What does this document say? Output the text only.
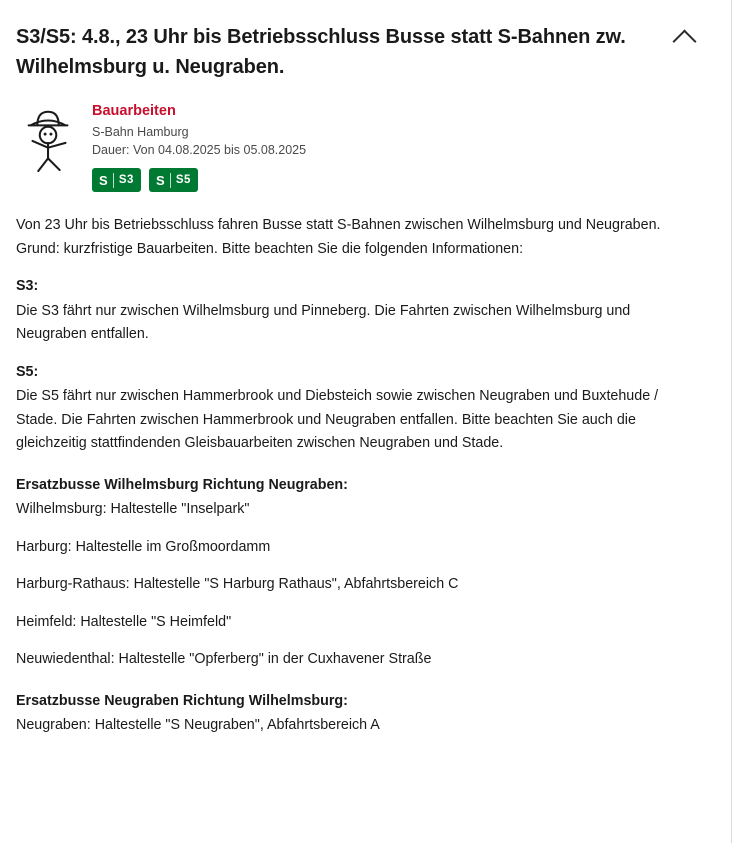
S3/S5: 4.8., 23 Uhr bis Betriebsschluss Busse statt S-Bahnen zw. Wilhelmsburg u. Neugraben.
Bauarbeiten
S-Bahn Hamburg
Dauer: Von 04.08.2025 bis 05.08.2025
S S3 S S5

Von 23 Uhr bis Betriebsschluss fahren Busse statt S-Bahnen zwischen Wilhelmsburg und Neugraben. Grund: kurzfristige Bauarbeiten. Bitte beachten Sie die folgenden Informationen:

S3:

Die S3 fährt nur zwischen Wilhelmsburg und Pinneberg. Die Fahrten zwischen Wilhelmsburg und Neugraben entfallen.

S5:

Die S5 fährt nur zwischen Hammerbrook und Diebsteich sowie zwischen Neugraben und Buxtehude / Stade. Die Fahrten zwischen Hammerbrook und Neugraben entfallen. Bitte beachten Sie auch die gleichzeitig stattfindenden Gleisbauarbeiten zwischen Neugraben und Stade.

Ersatzbusse Wilhelmsburg Richtung Neugraben:

Wilhelmsburg: Haltestelle "Inselpark"

Harburg: Haltestelle im Großmoordamm

Harburg-Rathaus: Haltestelle "S Harburg Rathaus", Abfahrtsbereich C

Heimfeld: Haltestelle "S Heimfeld"

Neuwiedenthal: Haltestelle "Opferberg" in der Cuxhavener Straße

Ersatzbusse Neugraben Richtung Wilhelmsburg:

Neugraben: Haltestelle "S Neugraben", Abfahrtsbereich A
